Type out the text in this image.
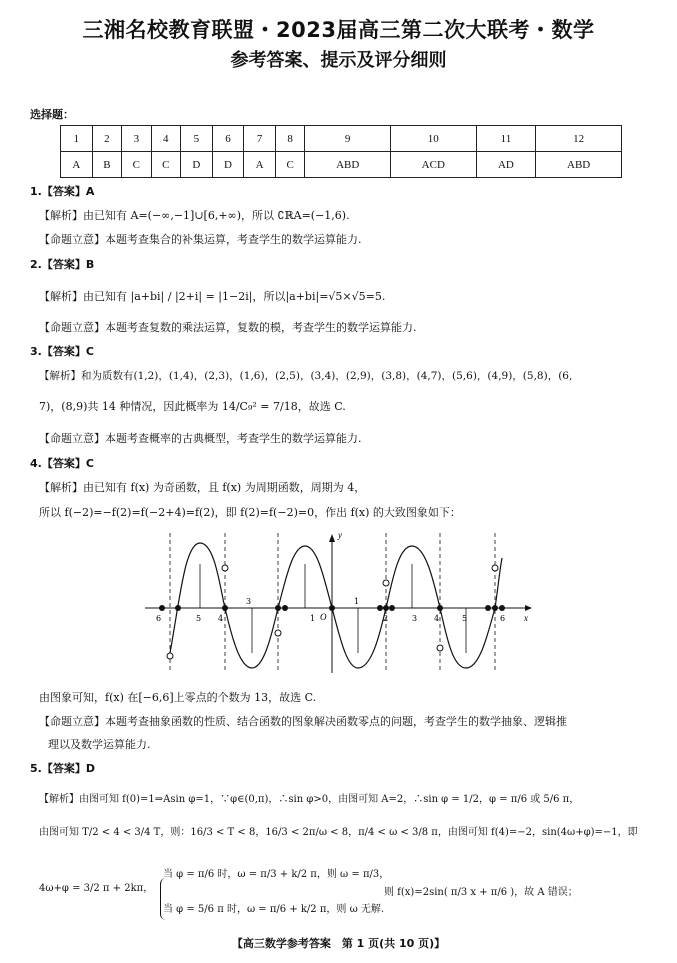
三湘名校教育联盟・2023届高三第二次大联考・数学
参考答案、提示及评分细则
选择题：
1	2	3	4	5	6	7	8	9	10	11	12
A	B	C	C	D	D	A	C	ABD	ACD	AD	ABD
1.【答案】A
【解析】由已知有 A=(−∞,−1]∪[6,+∞)，所以 ∁ℝA=(−1,6).
【命题立意】本题考查集合的补集运算，考查学生的数学运算能力.
2.【答案】B
【解析】由已知有 |a+bi| / |2+i| = |1−2i|，所以|a+bi|=√5×√5=5.
【命题立意】本题考查复数的乘法运算，复数的模，考查学生的数学运算能力.
3.【答案】C
【解析】和为质数有(1,2)，(1,4)，(2,3)，(1,6)，(2,5)，(3,4)，(2,9)，(3,8)，(4,7)，(5,6)，(4,9)，(5,8)，(6,
7)，(8,9)共 14 种情况，因此概率为 14/C₉² = 7/18，故选 C.
【命题立意】本题考查概率的古典概型，考查学生的数学运算能力.
4.【答案】C
【解析】由已知有 f(x) 为奇函数，且 f(x) 为周期函数，周期为 4，
所以 f(−2)=−f(2)=f(−2+4)=f(2)，即 f(2)=f(−2)=0，作出 f(x) 的大致图象如下：
x
y
O
6	5 4
3
1
1
2	3 4	5	6
由图象可知，f(x) 在[−6,6]上零点的个数为 13，故选 C.
【命题立意】本题考查抽象函数的性质、结合函数的图象解决函数零点的问题，考查学生的数学抽象、逻辑推
理以及数学运算能力.
5.【答案】D
【解析】由图可知 f(0)=1⇒Asin φ=1，∵φ∈(0,π)，∴sin φ>0，由图可知 A=2，∴sin φ = 1/2，φ = π/6 或 5/6 π，
由图可知 T/2 < 4 < 3/4 T，则：16/3 < T < 8，16/3 < 2π/ω < 8，π/4 < ω < 3/8 π，由图可知 f(4)=−2，sin(4ω+φ)=−1，即
4ω+φ = 3/2 π + 2kπ，
当 φ = π/6 时，ω = π/3 + k/2 π，则 ω = π/3，
当 φ = 5/6 π 时，ω = π/6 + k/2 π，则 ω 无解.
则 f(x)=2sin( π/3 x + π/6 )，故 A 错误；
【高三数学参考答案　第 1 页(共 10 页)】
